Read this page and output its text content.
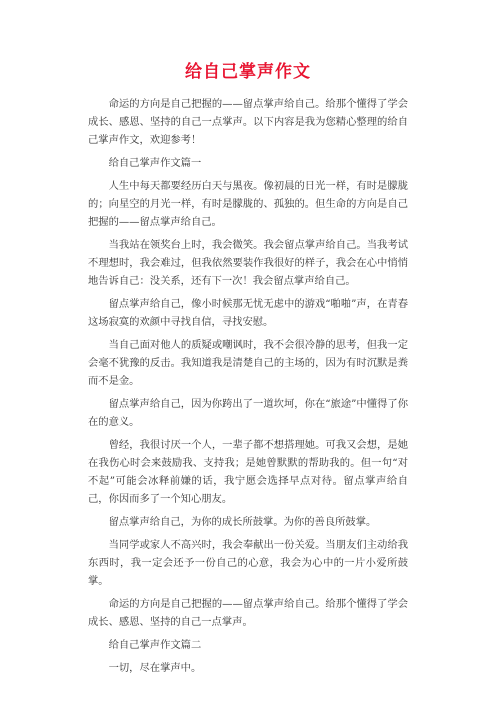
给自己掌声作文

命运的方向是自己把握的——留点掌声给自己。给那个懂得了学会成长、感恩、坚持的自己一点掌声。以下内容是我为您精心整理的给自己掌声作文，欢迎参考！

给自己掌声作文篇一

人生中每天都要经历白天与黑夜。像初晨的日光一样，有时是朦胧的；向星空的月光一样，有时是朦胧的、孤独的。但生命的方向是自己把握的——留点掌声给自己。

当我站在领奖台上时，我会微笑。我会留点掌声给自己。当我考试不理想时，我会难过，但我依然要装作我很好的样子，我会在心中悄悄地告诉自己：没关系，还有下一次！我会留点掌声给自己。

留点掌声给自己，像小时候那无忧无虑中的游戏“啪啪”声，在青春这场寂寞的欢颜中寻找自信，寻找安慰。

当自己面对他人的质疑或嘲讽时，我不会很冷静的思考，但我一定会毫不犹豫的反击。我知道我是清楚自己的主场的，因为有时沉默是粪而不是金。

留点掌声给自己，因为你跨出了一道坎坷，你在“旅途”中懂得了你在的意义。

曾经，我很讨厌一个人，一辈子都不想搭理她。可我又会想，是她在我伤心时会来鼓励我、支持我；是她曾默默的帮助我的。但一句“对不起”可能会冰释前嫌的话，我宁愿会选择早点对待。留点掌声给自己，你因而多了一个知心朋友。

留点掌声给自己，为你的成长所鼓掌。为你的善良所鼓掌。

当同学或家人不高兴时，我会奉献出一份关爱。当朋友们主动给我东西时，我一定会还予一份自己的心意，我会为心中的一片小爱所鼓掌。

命运的方向是自己把握的——留点掌声给自己。给那个懂得了学会成长、感恩、坚持的自己一点掌声。

给自己掌声作文篇二

一切，尽在掌声中。
